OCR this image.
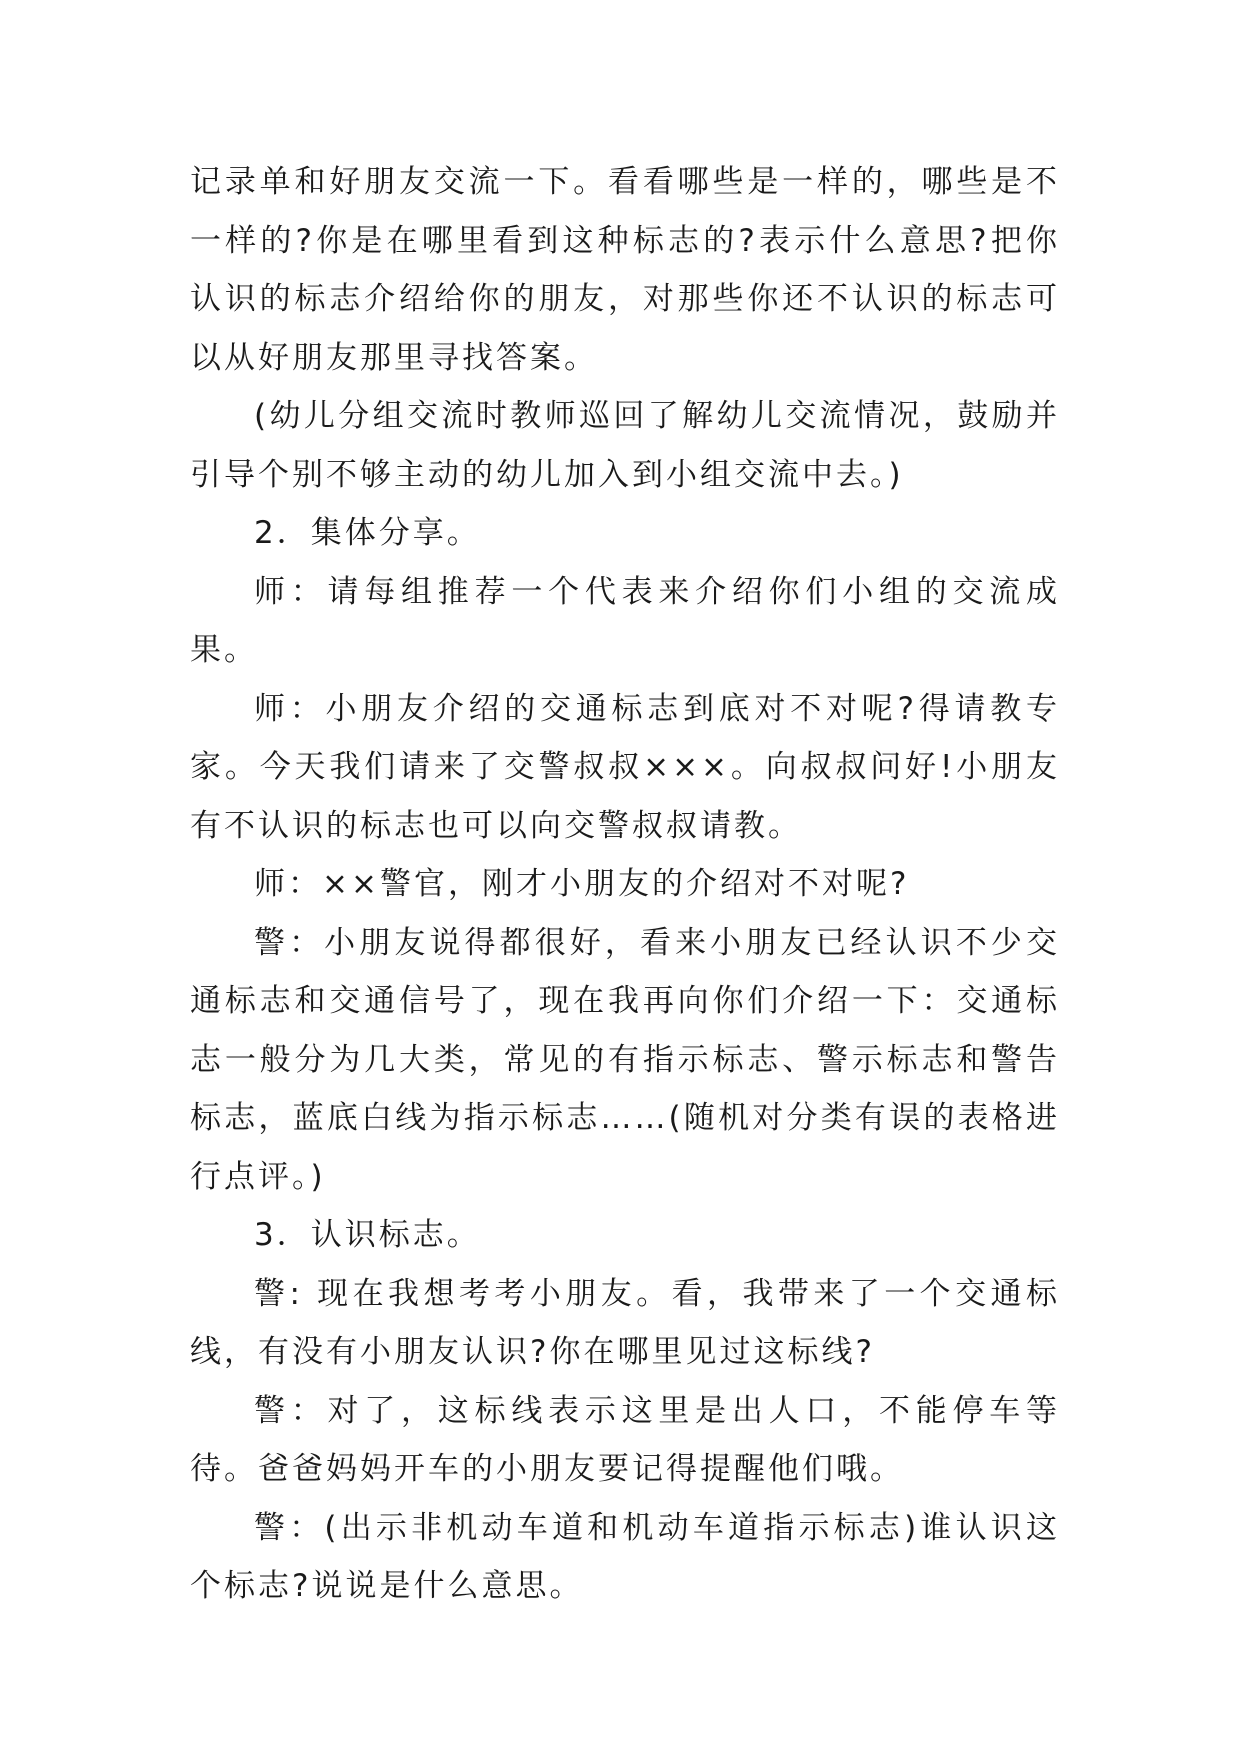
记录单和好朋友交流一下。看看哪些是一样的，哪些是不一样的?你是在哪里看到这种标志的?表示什么意思?把你认识的标志介绍给你的朋友，对那些你还不认识的标志可以从好朋友那里寻找答案。

(幼儿分组交流时教师巡回了解幼儿交流情况，鼓励并引导个别不够主动的幼儿加入到小组交流中去。)

2．集体分享。

师：请每组推荐一个代表来介绍你们小组的交流成果。

师：小朋友介绍的交通标志到底对不对呢?得请教专家。今天我们请来了交警叔叔×××。向叔叔问好!小朋友有不认识的标志也可以向交警叔叔请教。

师：××警官，刚才小朋友的介绍对不对呢?

警：小朋友说得都很好，看来小朋友已经认识不少交通标志和交通信号了，现在我再向你们介绍一下：交通标志一般分为几大类，常见的有指示标志、警示标志和警告标志，蓝底白线为指示标志……(随机对分类有误的表格进行点评。)

3．认识标志。

警: 现在我想考考小朋友。看，我带来了一个交通标线，有没有小朋友认识?你在哪里见过这标线?

警：对了，这标线表示这里是出人口，不能停车等待。爸爸妈妈开车的小朋友要记得提醒他们哦。

警：(出示非机动车道和机动车道指示标志)谁认识这个标志?说说是什么意思。
